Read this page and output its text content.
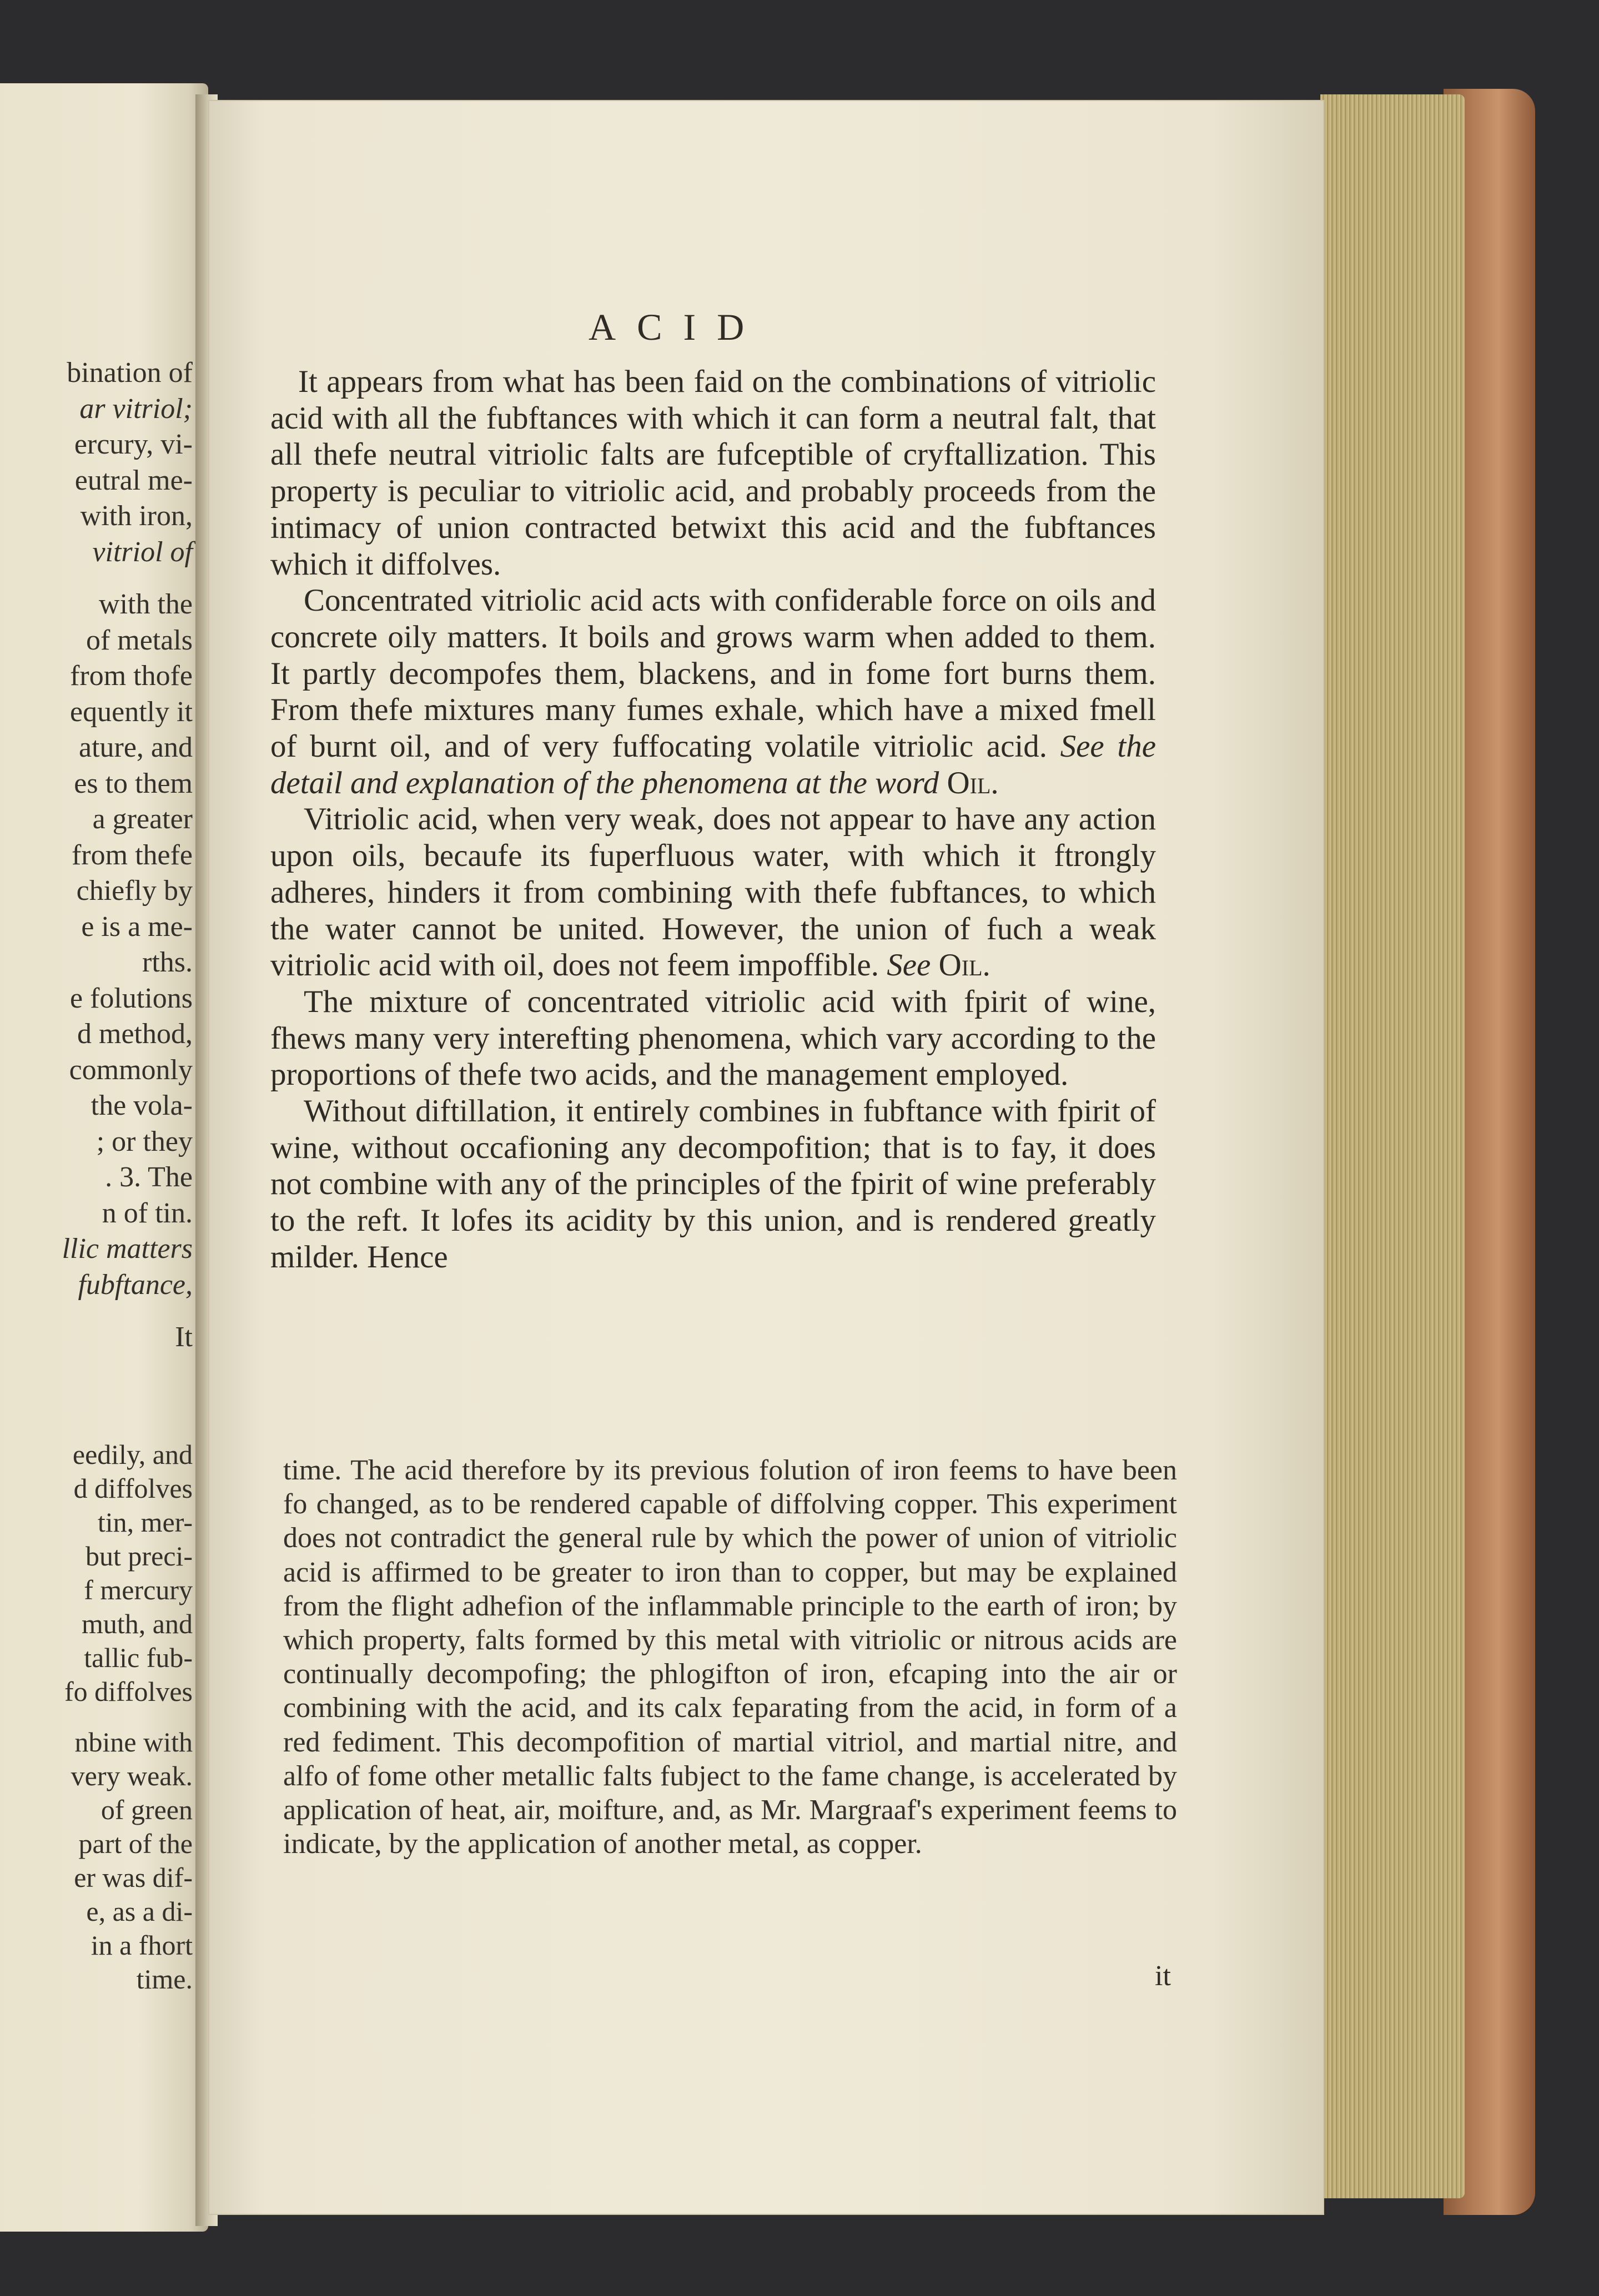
bination of
ar vitriol;
ercury, vi-
eutral me-
with iron,
vitriol of
with the
of metals
from thofe
equently it
ature, and
es to them
a greater
from thefe
chiefly by
e is a me-
rths.
e folutions
d method,
commonly
the vola-
; or they
. 3. The
n of tin.
llic matters
fubftance,
It
eedily, and
d diffolves
tin, mer-
but preci-
f mercury
muth, and
tallic fub-
fo diffolves
nbine with
very weak.
of green
part of the
er was dif-
e, as a di-
in a fhort
time.
ACID

It appears from what has been faid on the combinations of vitriolic acid with all the fubftances with which it can form a neutral falt, that all thefe neutral vitriolic falts are fufceptible of cryftallization. This property is peculiar to vitriolic acid, and probably proceeds from the intimacy of union contracted betwixt this acid and the fubftances which it diffolves.

Concentrated vitriolic acid acts with confiderable force on oils and concrete oily matters. It boils and grows warm when added to them. It partly decompofes them, blackens, and in fome fort burns them. From thefe mixtures many fumes exhale, which have a mixed fmell of burnt oil, and of very fuffocating volatile vitriolic acid. See the detail and explanation of the phenomena at the word Oil.

Vitriolic acid, when very weak, does not appear to have any action upon oils, becaufe its fuperfluous water, with which it ftrongly adheres, hinders it from combining with thefe fubftances, to which the water cannot be united. However, the union of fuch a weak vitriolic acid with oil, does not feem impoffible. See Oil.

The mixture of concentrated vitriolic acid with fpirit of wine, fhews many very interefting phenomena, which vary according to the proportions of thefe two acids, and the management employed.

Without diftillation, it entirely combines in fubftance with fpirit of wine, without occafioning any decompofition; that is to fay, it does not combine with any of the principles of the fpirit of wine preferably to the reft. It lofes its acidity by this union, and is rendered greatly milder. Hence

time. The acid therefore by its previous folution of iron feems to have been fo changed, as to be rendered capable of diffolving copper. This experiment does not contradict the general rule by which the power of union of vitriolic acid is affirmed to be greater to iron than to copper, but may be explained from the flight adhefion of the inflammable principle to the earth of iron; by which property, falts formed by this metal with vitriolic or nitrous acids are continually decompofing; the phlogifton of iron, efcaping into the air or combining with the acid, and its calx feparating from the acid, in form of a red fediment. This decompofition of martial vitriol, and martial nitre, and alfo of fome other metallic falts fubject to the fame change, is accelerated by application of heat, air, moifture, and, as Mr. Margraaf's experiment feems to indicate, by the application of another metal, as copper.
it
